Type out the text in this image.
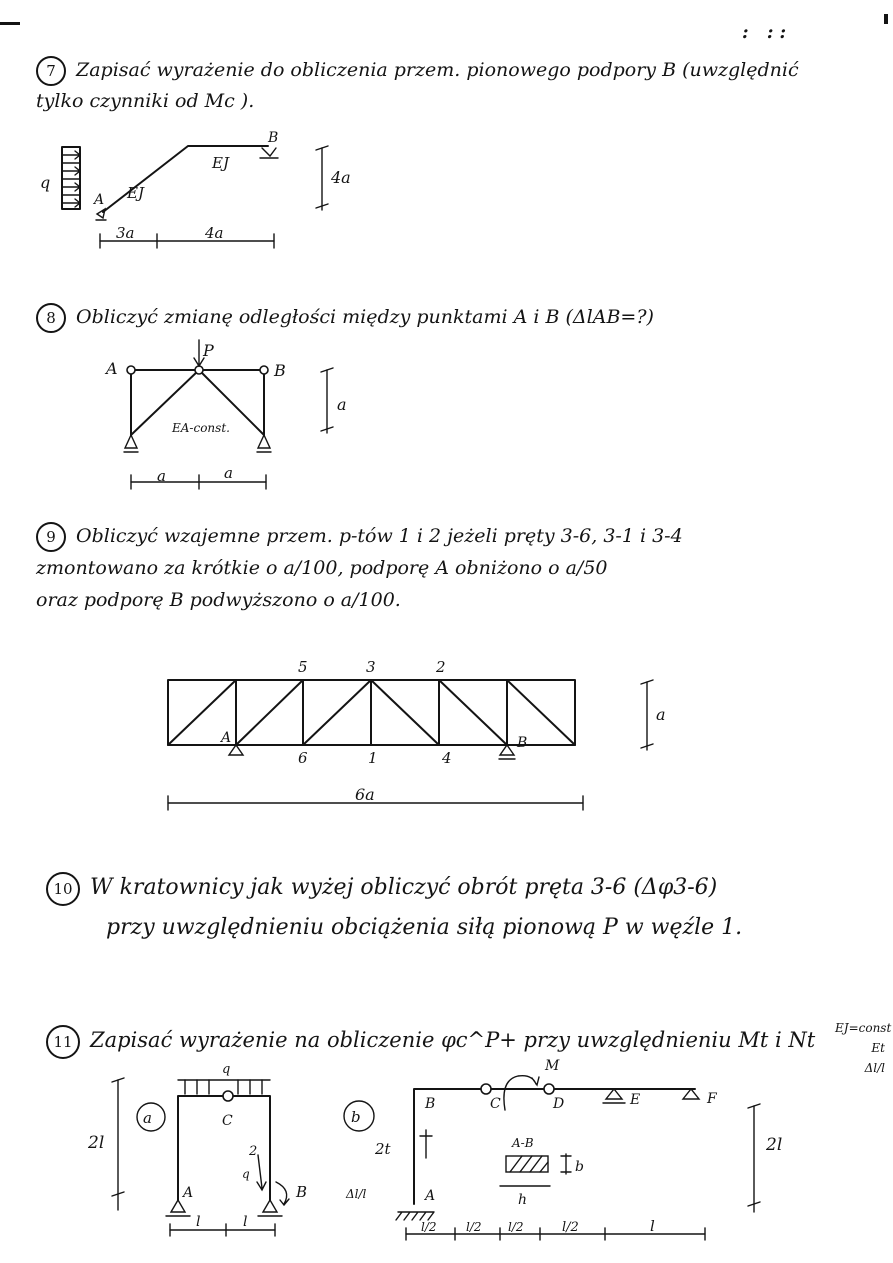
: ::
7 Zapisać wyrażenie do obliczenia przem. pionowego podpory B (uwzględnić
tylko czynniki od Mc ).
q
A
B
EJ
EJ
4a
3a	4a
8 Obliczyć zmianę odległości między punktami A i B (ΔlAB=?)
P
A	B
EA-const.
a
a	a
9 Obliczyć wzajemne przem. p-tów 1 i 2 jeżeli pręty 3-6, 3-1 i 3-4
zmontowano za krótkie o a/100, podporę A obniżono o a/50
oraz podporę B podwyższono o a/100.
5	3	2
6	1	4
A	B
a
6a
10 W kratownicy jak wyżej obliczyć obrót pręta 3-6 (Δφ3-6)
przy uwzględnieniu obciążenia siłą pionową P w węźle 1.
11 Zapisać wyrażenie na obliczenie φc^P+ przy uwzględnieniu Mt i Nt	EJ=const
Et
Δl/l
a
q
C
A	B
2
q
2l
l	l
b
M
B	C	D	E	F
A
2t	A-B
b
h
Δl/l
2l
l/2 l/2 l/2	l/2	l
